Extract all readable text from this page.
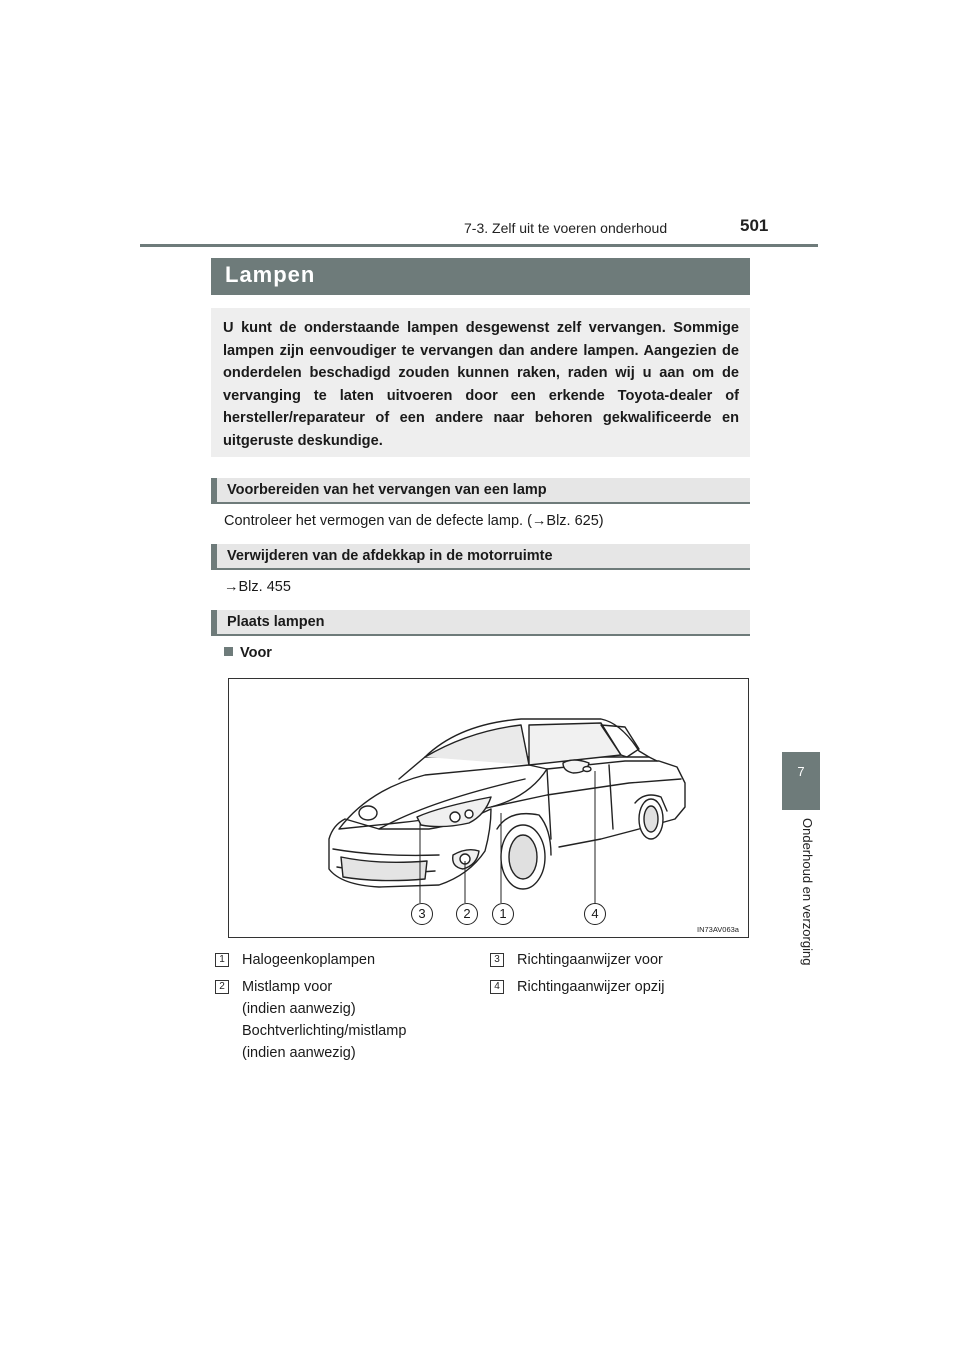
7-3. Zelf uit te voeren onderhoud	501
7
Onderhoud en verzorging
Lampen
U kunt de onderstaande lampen desgewenst zelf vervangen. Sommige lampen zijn eenvoudiger te vervangen dan andere lampen. Aangezien de onderdelen beschadigd zouden kunnen raken, raden wij u aan om de vervanging te laten uitvoeren door een erkende Toyota-dealer of hersteller/reparateur of een andere naar behoren gekwalificeerde en uitgeruste deskundige.
Voorbereiden van het vervangen van een lamp
Controleer het vermogen van de defecte lamp. (→Blz. 625)
Verwijderen van de afdekkap in de motorruimte
→Blz. 455
Plaats lampen
Voor
3	2	1	4
IN73AV063a
1 Halogeenkoplampen
2 Mistlamp voor
(indien aanwezig)
Bochtverlichting/mistlamp
(indien aanwezig)
3 Richtingaanwijzer voor
4 Richtingaanwijzer opzij
